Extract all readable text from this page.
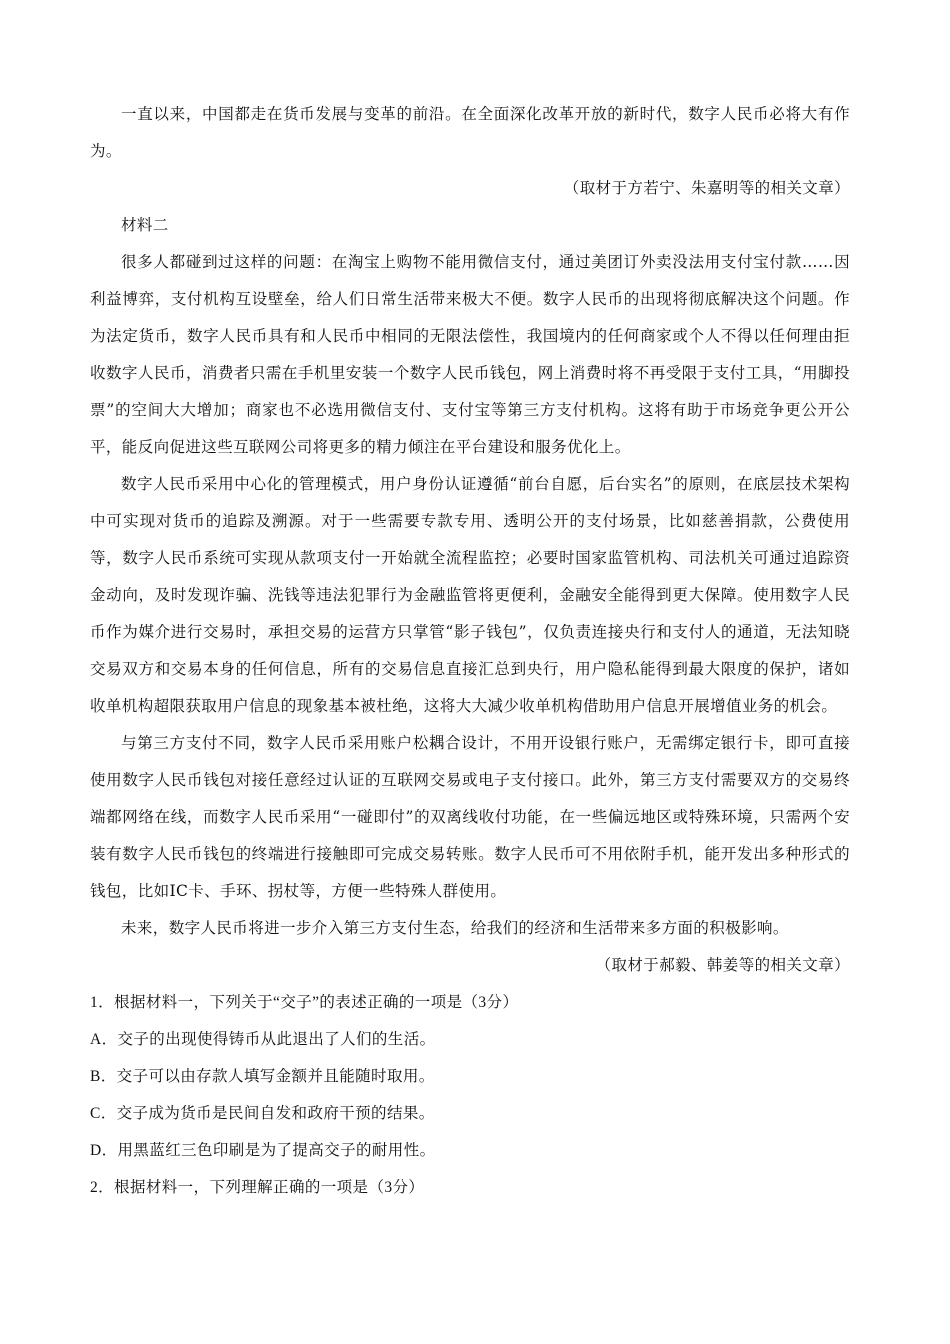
一直以来，中国都走在货币发展与变革的前沿。在全面深化改革开放的新时代，数字人民币必将大有作为。

（取材于方若宁、朱嘉明等的相关文章）

材料二

很多人都碰到过这样的问题：在淘宝上购物不能用微信支付，通过美团订外卖没法用支付宝付款……因利益博弈，支付机构互设壁垒，给人们日常生活带来极大不便。数字人民币的出现将彻底解决这个问题。作为法定货币，数字人民币具有和人民币中相同的无限法偿性，我国境内的任何商家或个人不得以任何理由拒收数字人民币，消费者只需在手机里安装一个数字人民币钱包，网上消费时将不再受限于支付工具，“用脚投票”的空间大大增加；商家也不必选用微信支付、支付宝等第三方支付机构。这将有助于市场竞争更公开公平，能反向促进这些互联网公司将更多的精力倾注在平台建设和服务优化上。

数字人民币采用中心化的管理模式，用户身份认证遵循“前台自愿，后台实名”的原则，在底层技术架构中可实现对货币的追踪及溯源。对于一些需要专款专用、透明公开的支付场景，比如慈善捐款，公费使用等，数字人民币系统可实现从款项支付一开始就全流程监控；必要时国家监管机构、司法机关可通过追踪资金动向，及时发现诈骗、洗钱等违法犯罪行为金融监管将更便利，金融安全能得到更大保障。使用数字人民币作为媒介进行交易时，承担交易的运营方只掌管“影子钱包”，仅负责连接央行和支付人的通道，无法知晓交易双方和交易本身的任何信息，所有的交易信息直接汇总到央行，用户隐私能得到最大限度的保护，诸如收单机构超限获取用户信息的现象基本被杜绝，这将大大减少收单机构借助用户信息开展增值业务的机会。

与第三方支付不同，数字人民币采用账户松耦合设计，不用开设银行账户，无需绑定银行卡，即可直接使用数字人民币钱包对接任意经过认证的互联网交易或电子支付接口。此外，第三方支付需要双方的交易终端都网络在线，而数字人民币采用“一碰即付”的双离线收付功能，在一些偏远地区或特殊环境，只需两个安装有数字人民币钱包的终端进行接触即可完成交易转账。数字人民币可不用依附手机，能开发出多种形式的钱包，比如IC卡、手环、拐杖等，方便一些特殊人群使用。

未来，数字人民币将进一步介入第三方支付生态，给我们的经济和生活带来多方面的积极影响。

（取材于郝毅、韩姜等的相关文章）

1．根据材料一，下列关于“交子”的表述正确的一项是（3分）

A．交子的出现使得铸币从此退出了人们的生活。

B．交子可以由存款人填写金额并且能随时取用。

C．交子成为货币是民间自发和政府干预的结果。

D．用黑蓝红三色印刷是为了提高交子的耐用性。

2．根据材料一，下列理解正确的一项是（3分）
